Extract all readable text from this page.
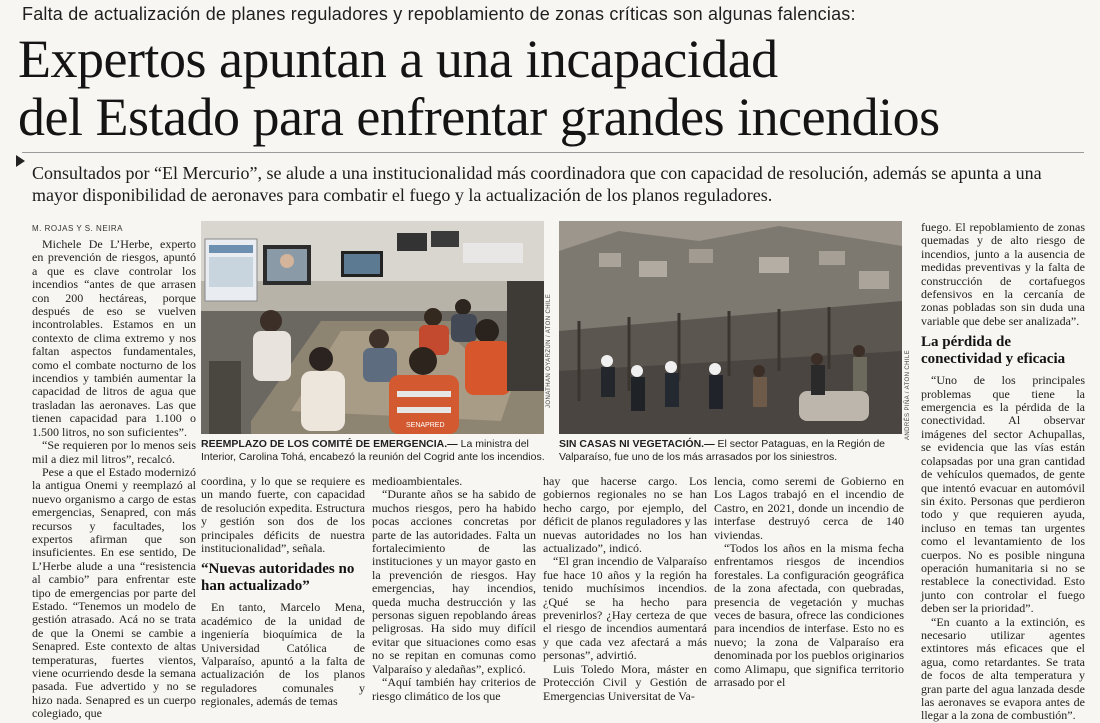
Falta de actualización de planes reguladores y repoblamiento de zonas críticas son algunas falencias:
Expertos apuntan a una incapacidad
del Estado para enfrentar grandes incendios
Consultados por “El Mercurio”, se alude a una institucionalidad más coordinadora que con capacidad de resolución, además se apunta a una mayor disponibilidad de aeronaves para combatir el fuego y la actualización de los planos reguladores.
M. ROJAS Y S. NEIRA

Michele De L’Herbe, experto en prevención de riesgos, apuntó a que es clave controlar los incendios “antes de que arrasen con 200 hectáreas, porque después de eso se vuelven incontrolables. Estamos en un contexto de clima extremo y nos faltan aspectos fundamentales, como el combate nocturno de los incendios y también aumentar la capacidad de litros de agua que trasladan las aeronaves. Las que tienen capacidad para 1.100 o 1.500 litros, no son suficientes”.

“Se requieren por lo menos seis mil a diez mil litros”, recalcó.

Pese a que el Estado modernizó la antigua Onemi y reemplazó al nuevo organismo a cargo de estas emergencias, Senapred, con más recursos y facultades, los expertos afirman que son insuficientes. En ese sentido, De L’Herbe alude a una “resistencia al cambio” para enfrentar este tipo de emergencias por parte del Estado. “Tenemos un modelo de gestión atrasado. Acá no se trata de que la Onemi se cambie a Senapred. Este contexto de altas temperaturas, fuertes vientos, viene ocurriendo desde la semana pasada. Fue advertido y no se hizo nada. Senapred es un cuerpo colegiado, que

SENAPRED
JONATHAN OYARZÚN / ATON CHILE
REEMPLAZO DE LOS COMITÉ DE EMERGENCIA.— La ministra del Interior, Carolina Tohá, encabezó la reunión del Cogrid ante los incendios.
ANDRÉS PIÑA / ATON CHILE
SIN CASAS NI VEGETACIÓN.— El sector Pataguas, en la Región de Valparaíso, fue uno de los más arrasados por los siniestros.

coordina, y lo que se requiere es un mando fuerte, con capacidad de resolución expedita. Estructura y gestión son dos de los principales déficits de nuestra institucionalidad”, señala.

“Nuevas autoridades no han actualizado”

En tanto, Marcelo Mena, académico de la unidad de ingeniería bioquímica de la Universidad Católica de Valparaíso, apuntó a la falta de actualización de los planos reguladores comunales y regionales, además de temas

medioambientales.

“Durante años se ha sabido de muchos riesgos, pero ha habido pocas acciones concretas por parte de las autoridades. Falta un fortalecimiento de las instituciones y un mayor gasto en la prevención de riesgos. Hay emergencias, hay incendios, queda mucha destrucción y las personas siguen repoblando áreas peligrosas. Ha sido muy difícil evitar que situaciones como esas no se repitan en comunas como Valparaíso y aledañas”, explicó.

“Aquí también hay criterios de riesgo climático de los que

hay que hacerse cargo. Los gobiernos regionales no se han hecho cargo, por ejemplo, del déficit de planos reguladores y las nuevas autoridades no los han actualizado”, indicó.

“El gran incendio de Valparaíso fue hace 10 años y la región ha tenido muchísimos incendios. ¿Qué se ha hecho para prevenirlos? ¿Hay certeza de que el riesgo de incendios aumentará y que cada vez afectará a más personas”, advirtió.

Luis Toledo Mora, máster en Protección Civil y Gestión de Emergencias Universitat de Va-

lencia, como seremi de Gobierno en Los Lagos trabajó en el incendio de Castro, en 2021, donde un incendio de interfase destruyó cerca de 140 viviendas.

“Todos los años en la misma fecha enfrentamos riesgos de incendios forestales. La configuración geográfica de la zona afectada, con quebradas, presencia de vegetación y muchas veces de basura, ofrece las condiciones para incendios de interfase. Esto no es nuevo; la zona de Valparaíso era denominada por los pueblos originarios como Alimapu, que significa territorio arrasado por el

fuego. El repoblamiento de zonas quemadas y de alto riesgo de incendios, junto a la ausencia de medidas preventivas y la falta de construcción de cortafuegos defensivos en la cercanía de zonas pobladas son sin duda una variable que debe ser analizada”.

La pérdida de conectividad y eficacia

“Uno de los principales problemas que tiene la emergencia es la pérdida de la conectividad. Al observar imágenes del sector Achupallas, se evidencia que las vías están colapsadas por una gran cantidad de vehículos quemados, de gente que intentó evacuar en automóvil sin éxito. Personas que perdieron todo y que requieren ayuda, incluso en temas tan urgentes como el levantamiento de los cuerpos. No es posible ninguna operación humanitaria si no se restablece la conectividad. Esto junto con controlar el fuego deben ser la prioridad”.

“En cuanto a la extinción, es necesario utilizar agentes extintores más eficaces que el agua, como retardantes. Se trata de focos de alta temperatura y gran parte del agua lanzada desde las aeronaves se evapora antes de llegar a la zona de combustión”.
